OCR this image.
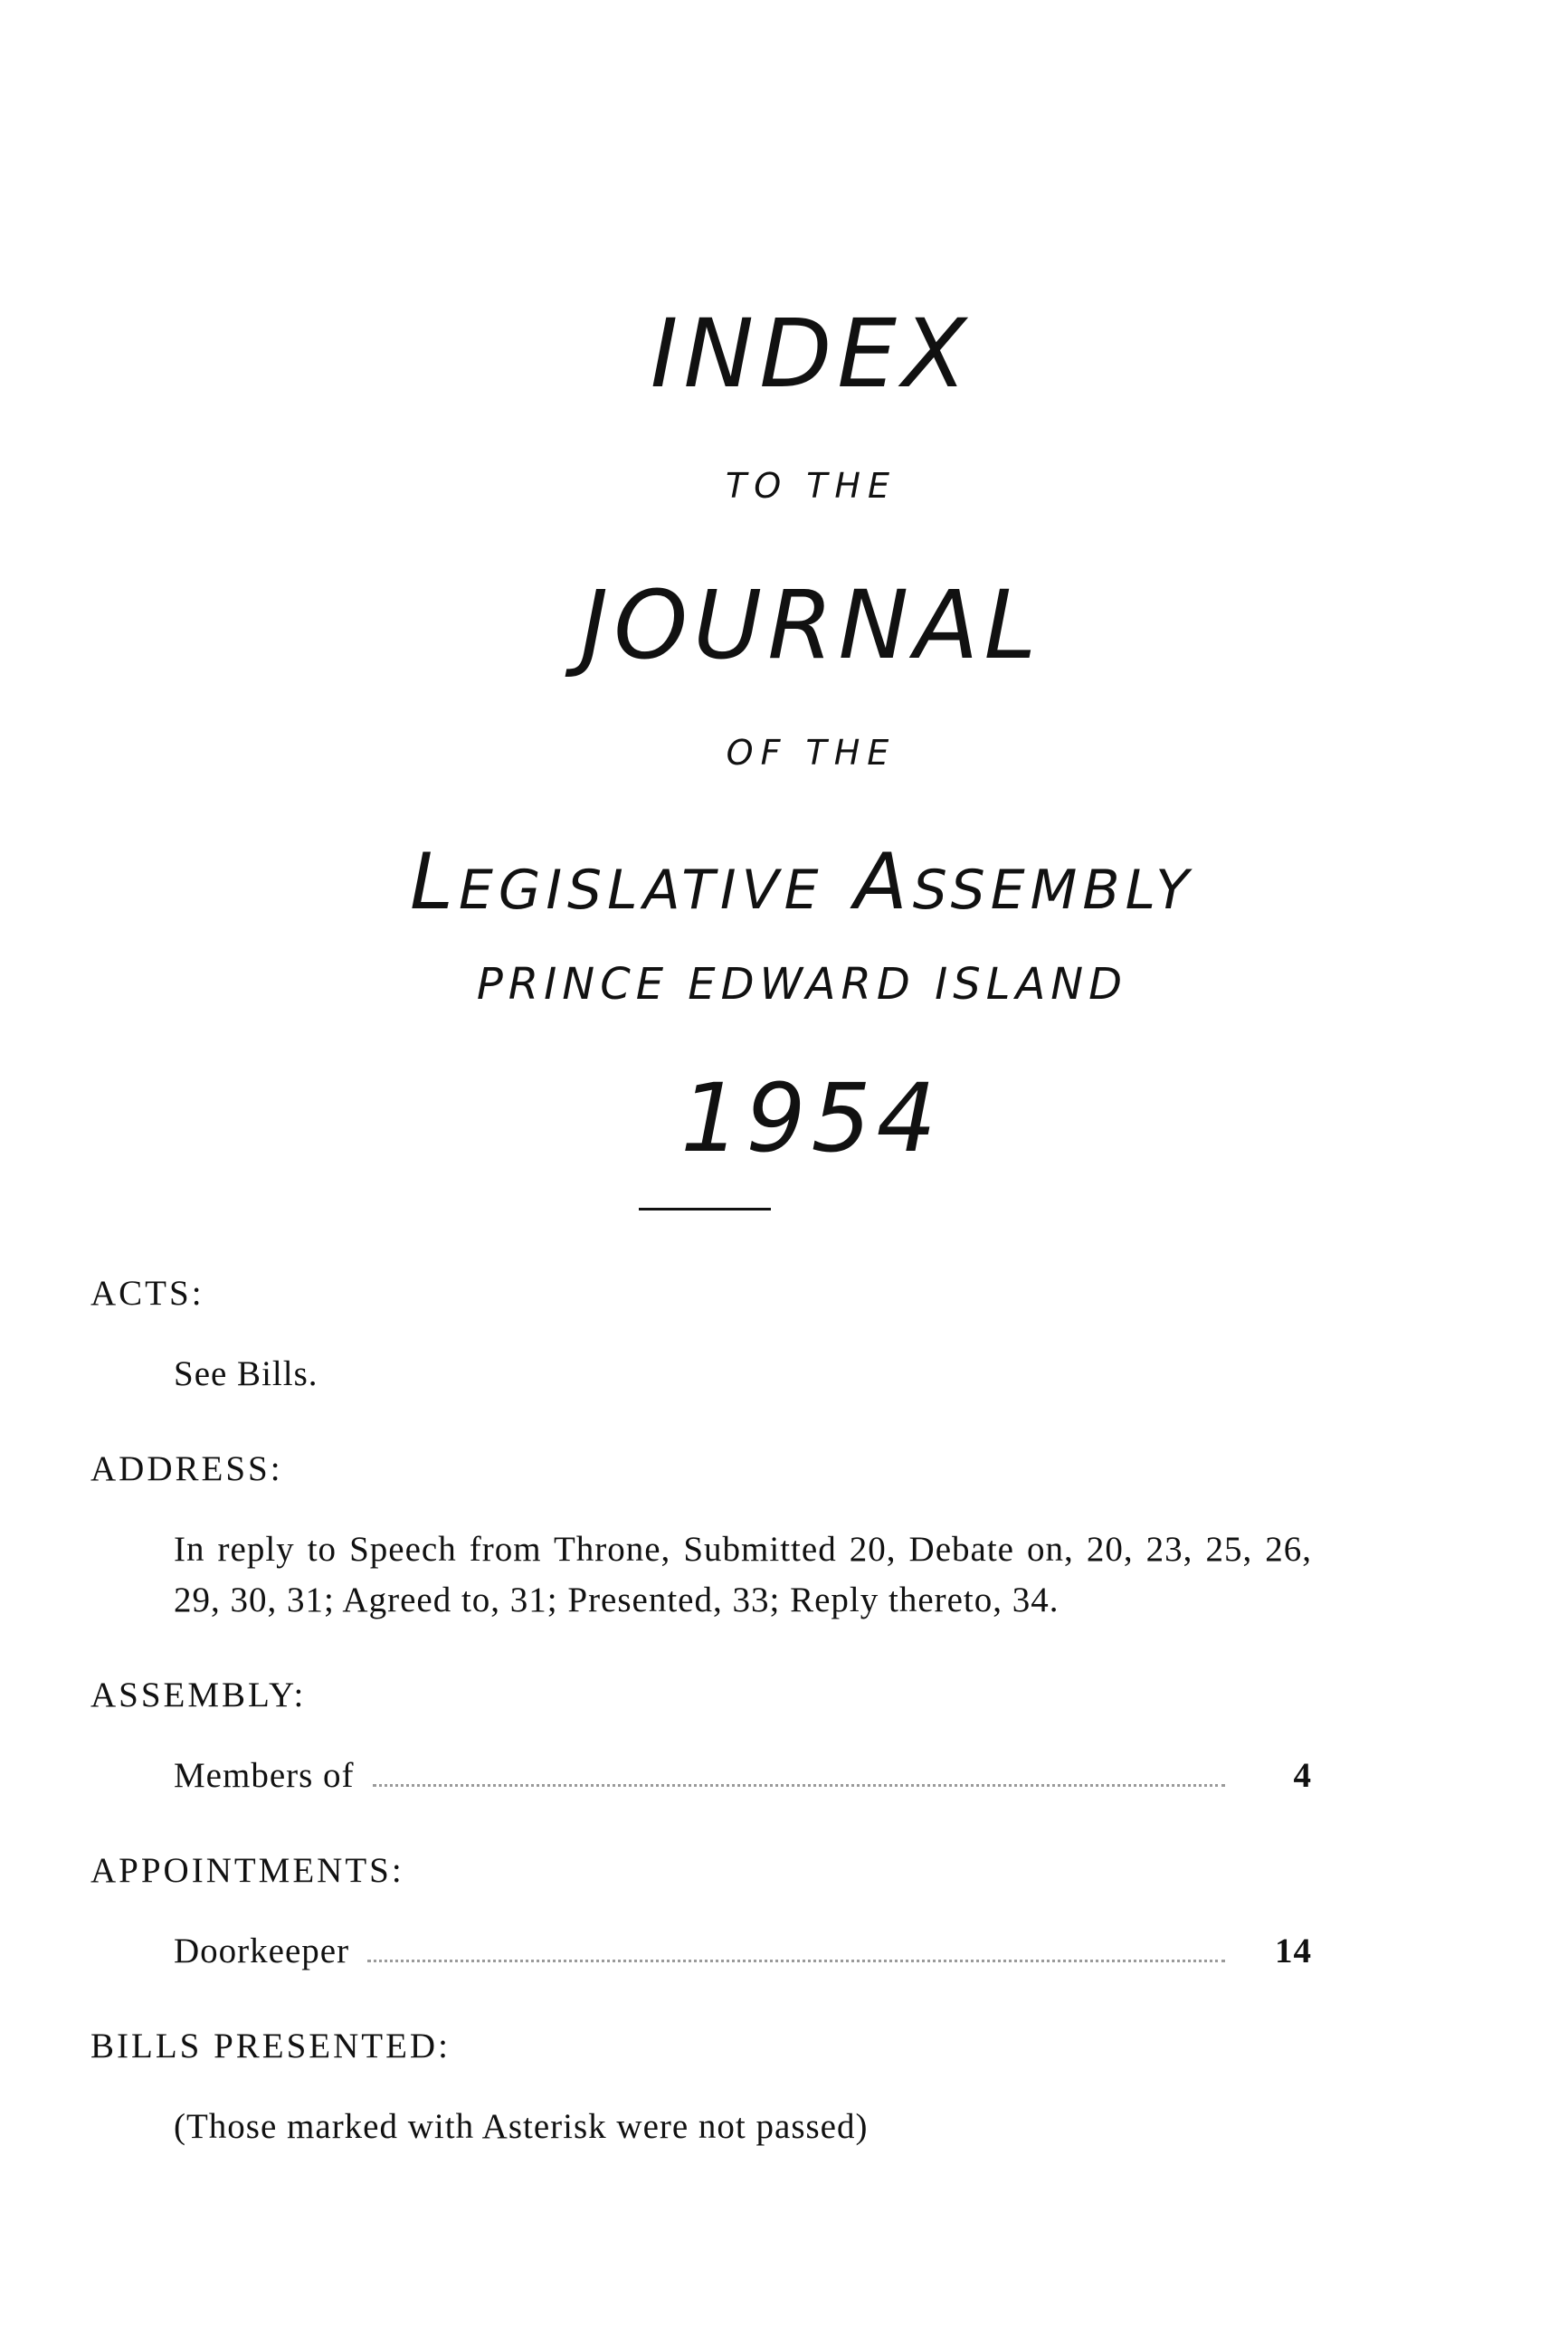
INDEX
TO THE
JOURNAL
OF THE
Legislative Assembly
PRINCE EDWARD ISLAND
1954

ACTS:

See Bills.

ADDRESS:

In reply to Speech from Throne, Submitted 20, Debate on, 20, 23, 25, 26, 29, 30, 31; Agreed to, 31; Presented, 33; Reply thereto, 34.

ASSEMBLY:

Members of	4

APPOINTMENTS:

Doorkeeper	14

BILLS PRESENTED:

(Those marked with Asterisk were not passed)
